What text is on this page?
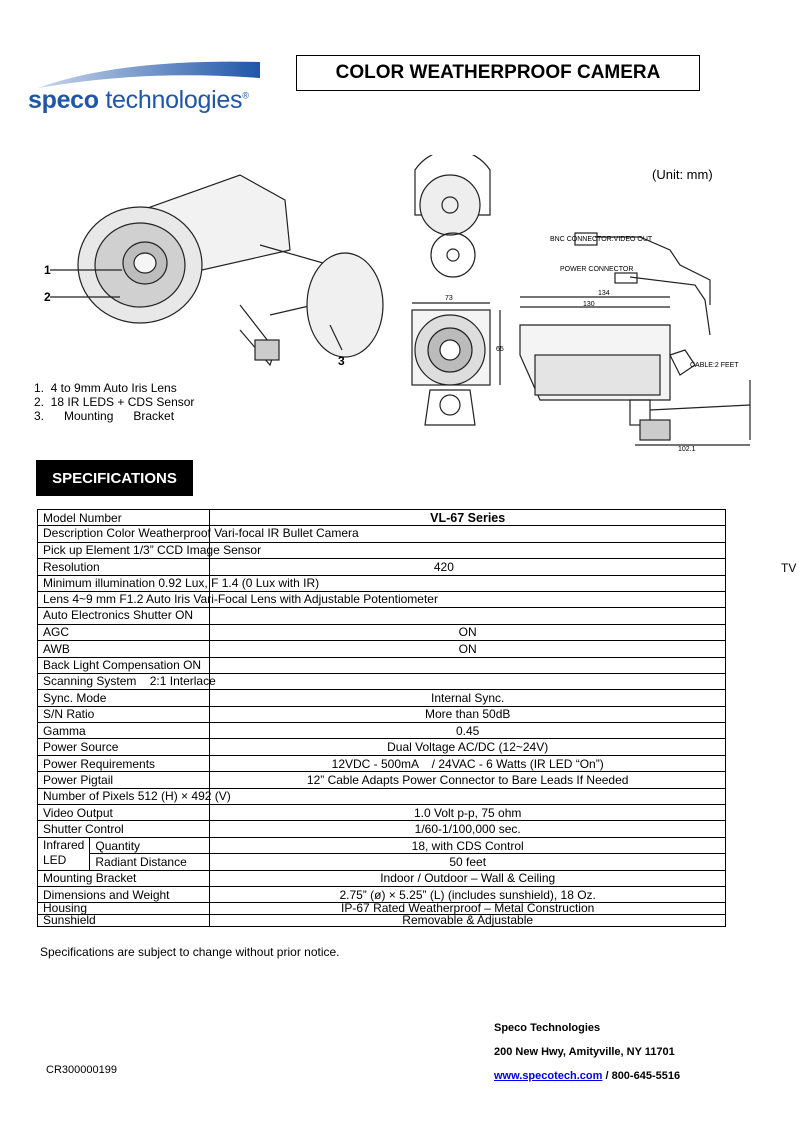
speco technologies®
COLOR WEATHERPROOF CAMERA
(Unit: mm)
1
2
3
BNC CONNECTOR:VIDEO OUT
POWER CONNECTOR
CABLE:2 FEET
73
134
130
65
102.1
1.  4 to 9mm Auto Iris Lens
2.  18 IR LEDS + CDS Sensor
3.      Mounting      Bracket
SPECIFICATIONS
TV
Model Number		VL-67 Series

Description Color Weatherproof Vari-focal IR Bullet Camera		

Pick up Element 1/3” CCD Image Sensor		

Resolution		420

Minimum illumination 0.92 Lux, F 1.4 (0 Lux with IR)		

Lens 4~9 mm F1.2 Auto Iris Vari-Focal Lens with Adjustable Potentiometer		

Auto Electronics Shutter ON		

AGC		ON
AWB		ON

Back Light Compensation ON		

Scanning System    2:1 Interlace		

Sync. Mode		Internal Sync.
S/N Ratio		More than 50dB
Gamma		0.45
Power Source		Dual Voltage AC/DC (12~24V)
Power Requirements		12VDC - 500mA    / 24VAC - 6 Watts (IR LED “On”)
Power Pigtail		12” Cable Adapts Power Connector to Bare Leads If Needed

Number of Pixels 512 (H) × 492 (V)		

Video Output		1.0 Volt p-p, 75 ohm
Shutter Control		1/60-1/100,000 sec.

Infrared
LED	Quantity	18, with CDS Control
	Radiant Distance	50 feet
Mounting Bracket		Indoor / Outdoor – Wall & Ceiling
Dimensions and Weight		2.75” (ø) × 5.25” (L) (includes sunshield), 18 Oz.
Housing		IP-67 Rated Weatherproof – Metal Construction
Sunshield		Removable & Adjustable
Specifications are subject to change without prior notice.
Speco Technologies
200 New Hwy, Amityville, NY 11701
www.specotech.com / 800-645-5516
CR300000199
